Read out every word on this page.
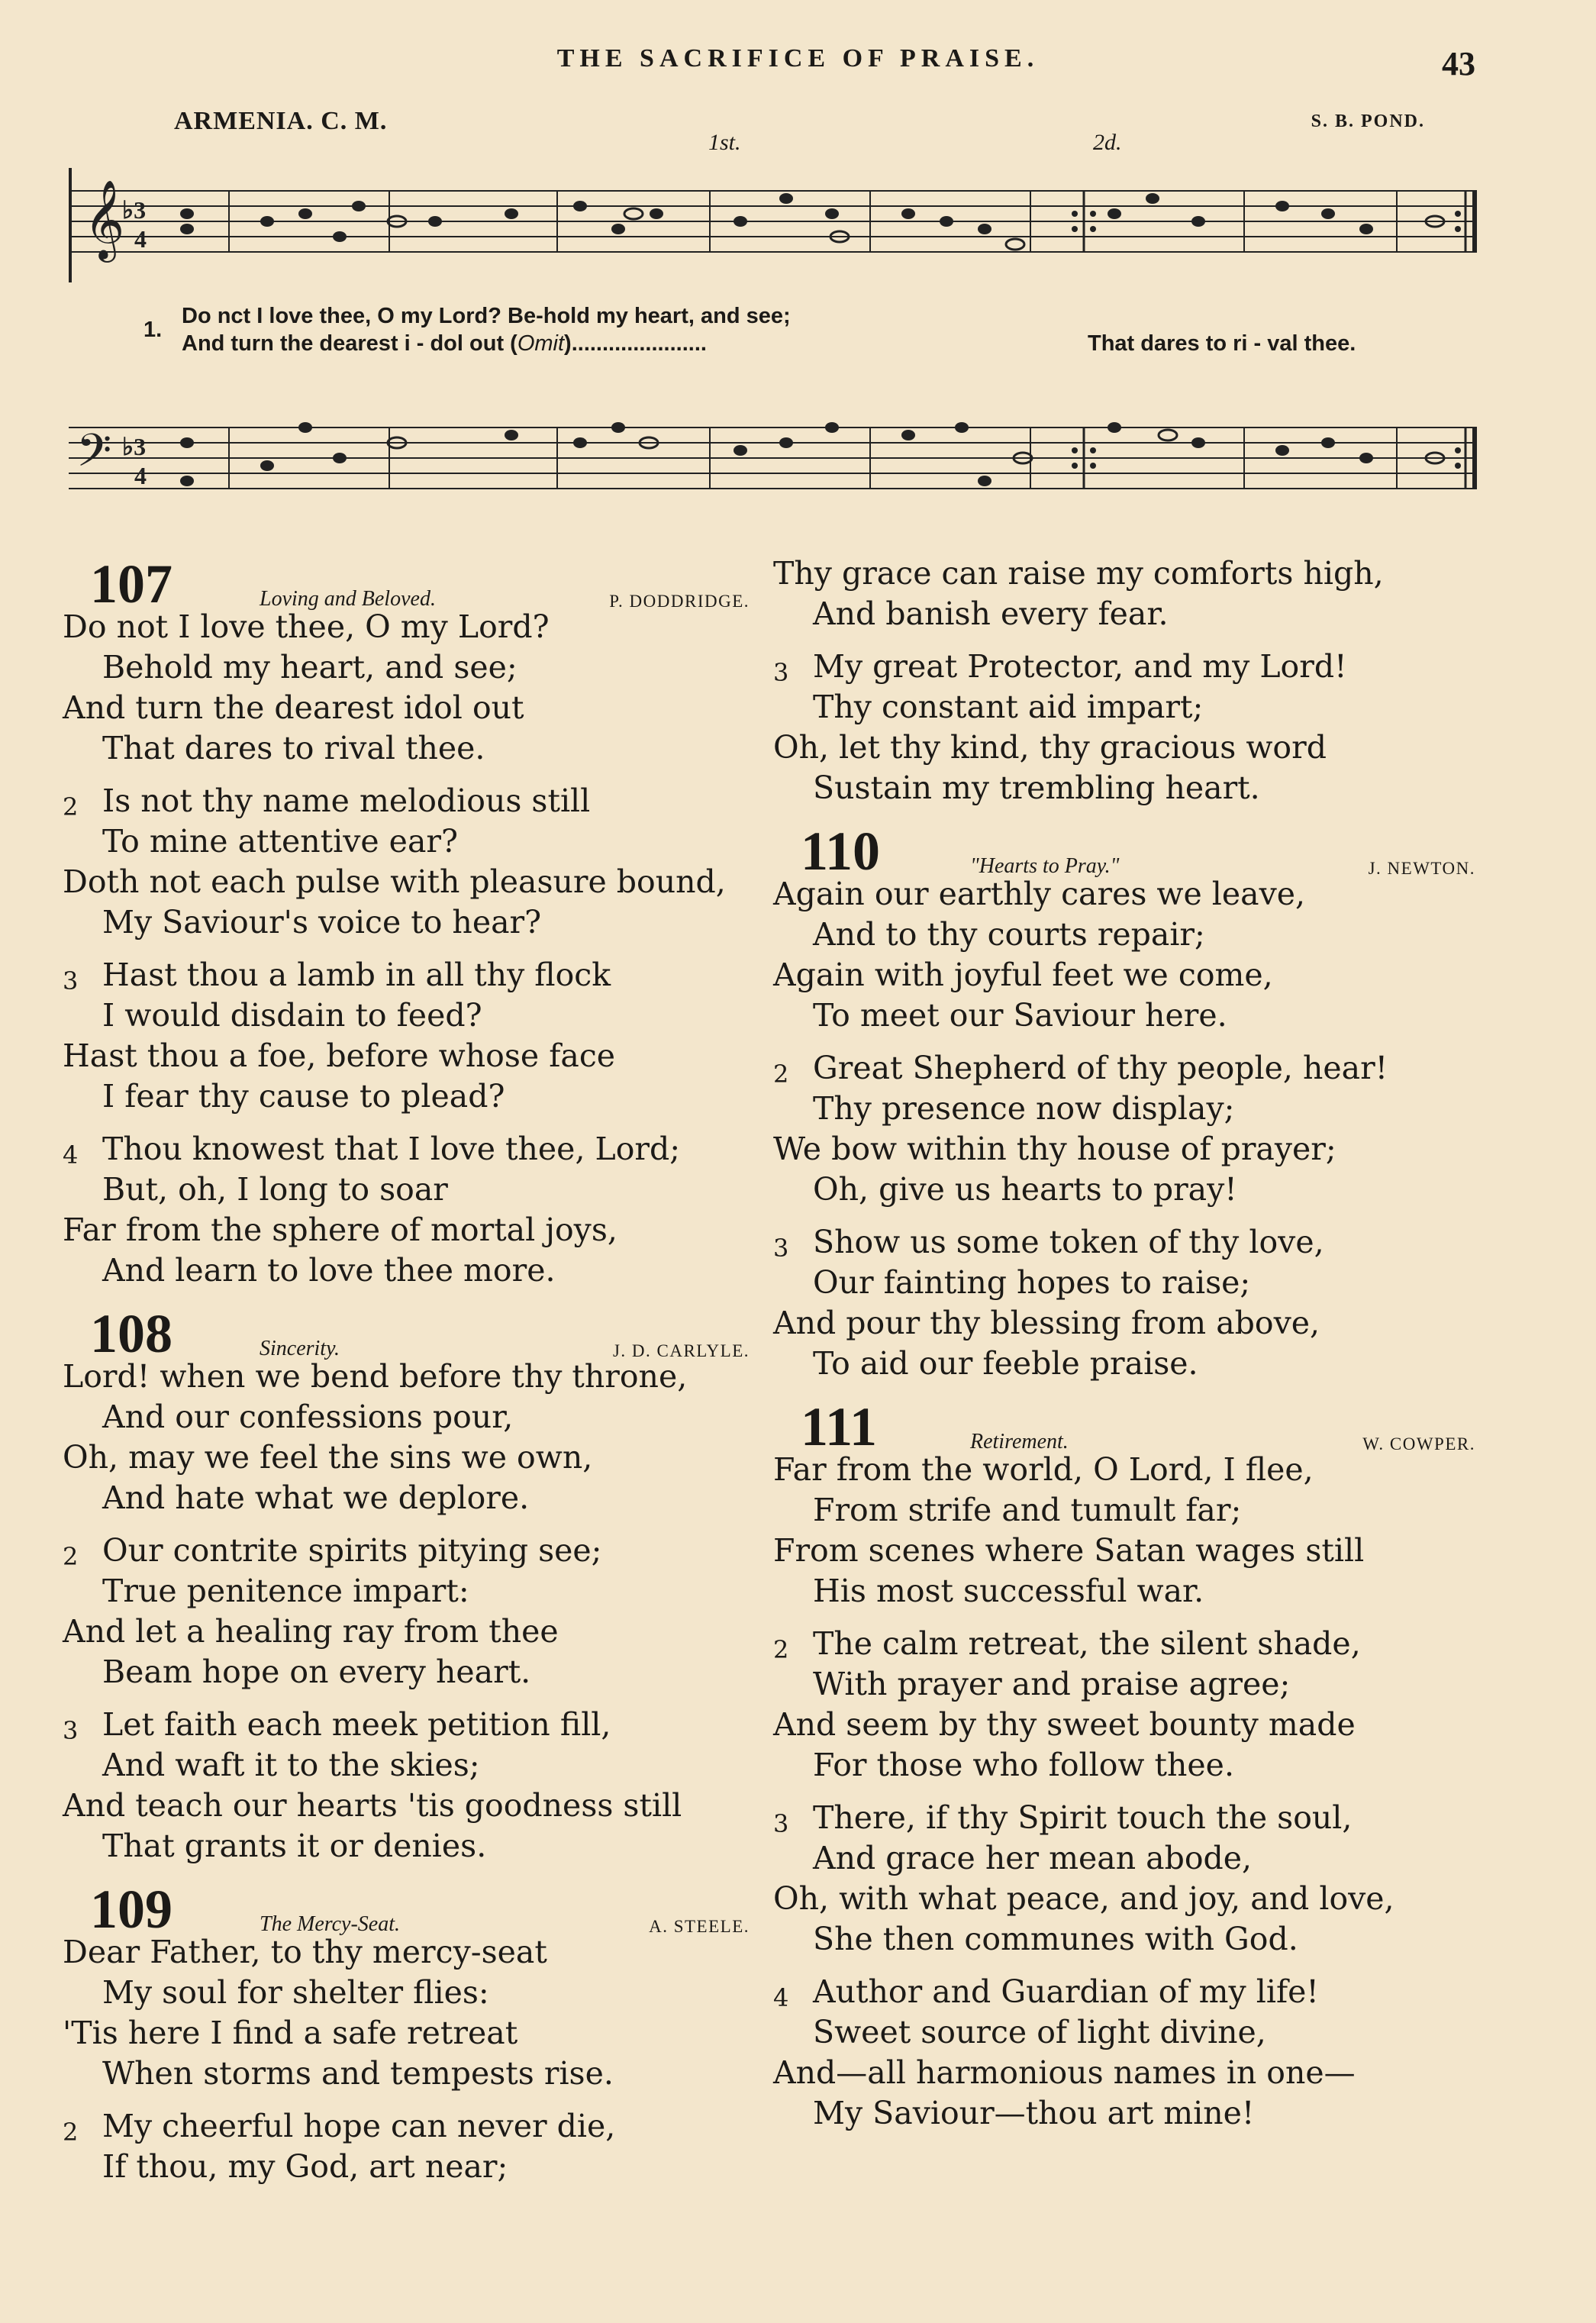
THE SACRIFICE OF PRAISE.	43
ARMENIA. C. M.	S. B. POND.
1st.	2d.
𝄞
♭3
4
1.
Do nct I love thee, O my Lord? Be-hold my heart, and see;
And turn the dearest i - dol out (Omit)......................	That dares to ri - val thee.
𝄢 ♭3
4
107	Loving and Beloved.	P. DODDRIDGE.
Do not I love thee, O my Lord?
Behold my heart, and see;
And turn the dearest idol out
That dares to rival thee.
2 Is not thy name melodious still
To mine attentive ear?
Doth not each pulse with pleasure bound,
My Saviour's voice to hear?
3 Hast thou a lamb in all thy flock
I would disdain to feed?
Hast thou a foe, before whose face
I fear thy cause to plead?
4 Thou knowest that I love thee, Lord;
But, oh, I long to soar
Far from the sphere of mortal joys,
And learn to love thee more.
108	Sincerity.	J. D. CARLYLE.
Lord! when we bend before thy throne,
And our confessions pour,
Oh, may we feel the sins we own,
And hate what we deplore.
2 Our contrite spirits pitying see;
True penitence impart:
And let a healing ray from thee
Beam hope on every heart.
3 Let faith each meek petition fill,
And waft it to the skies;
And teach our hearts 'tis goodness still
That grants it or denies.
109	The Mercy-Seat.	A. STEELE.
Dear Father, to thy mercy-seat
My soul for shelter flies:
'Tis here I find a safe retreat
When storms and tempests rise.
2 My cheerful hope can never die,
If thou, my God, art near;
Thy grace can raise my comforts high,
And banish every fear.
3 My great Protector, and my Lord!
Thy constant aid impart;
Oh, let thy kind, thy gracious word
Sustain my trembling heart.
110	"Hearts to Pray."	J. NEWTON.
Again our earthly cares we leave,
And to thy courts repair;
Again with joyful feet we come,
To meet our Saviour here.
2 Great Shepherd of thy people, hear!
Thy presence now display;
We bow within thy house of prayer;
Oh, give us hearts to pray!
3 Show us some token of thy love,
Our fainting hopes to raise;
And pour thy blessing from above,
To aid our feeble praise.
111	Retirement.	W. COWPER.
Far from the world, O Lord, I flee,
From strife and tumult far;
From scenes where Satan wages still
His most successful war.
2 The calm retreat, the silent shade,
With prayer and praise agree;
And seem by thy sweet bounty made
For those who follow thee.
3 There, if thy Spirit touch the soul,
And grace her mean abode,
Oh, with what peace, and joy, and love,
She then communes with God.
4 Author and Guardian of my life!
Sweet source of light divine,
And—all harmonious names in one—
My Saviour—thou art mine!
